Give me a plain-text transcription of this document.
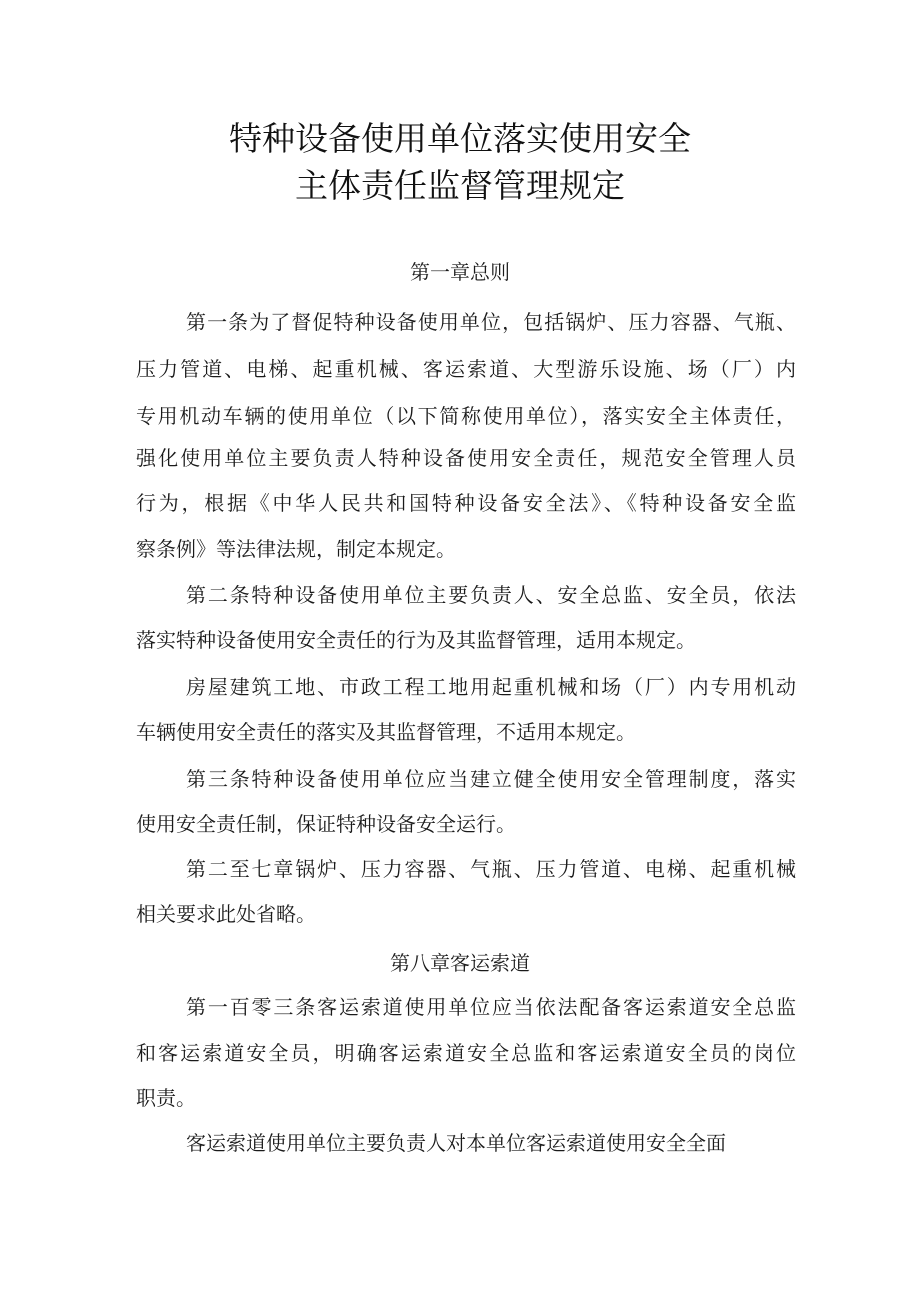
特种设备使用单位落实使用安全
主体责任监督管理规定
第一章总则
第一条为了督促特种设备使用单位，包括锅炉、压力容器、气瓶、
压力管道、电梯、起重机械、客运索道、大型游乐设施、场（厂）内
专用机动车辆的使用单位（以下简称使用单位），落实安全主体责任，
强化使用单位主要负责人特种设备使用安全责任，规范安全管理人员
行为，根据《中华人民共和国特种设备安全法》、《特种设备安全监
察条例》等法律法规，制定本规定。
第二条特种设备使用单位主要负责人、安全总监、安全员，依法
落实特种设备使用安全责任的行为及其监督管理，适用本规定。
房屋建筑工地、市政工程工地用起重机械和场（厂）内专用机动
车辆使用安全责任的落实及其监督管理，不适用本规定。
第三条特种设备使用单位应当建立健全使用安全管理制度，落实
使用安全责任制，保证特种设备安全运行。
第二至七章锅炉、压力容器、气瓶、压力管道、电梯、起重机械
相关要求此处省略。
第八章客运索道
第一百零三条客运索道使用单位应当依法配备客运索道安全总监
和客运索道安全员，明确客运索道安全总监和客运索道安全员的岗位
职责。
客运索道使用单位主要负责人对本单位客运索道使用安全全面
